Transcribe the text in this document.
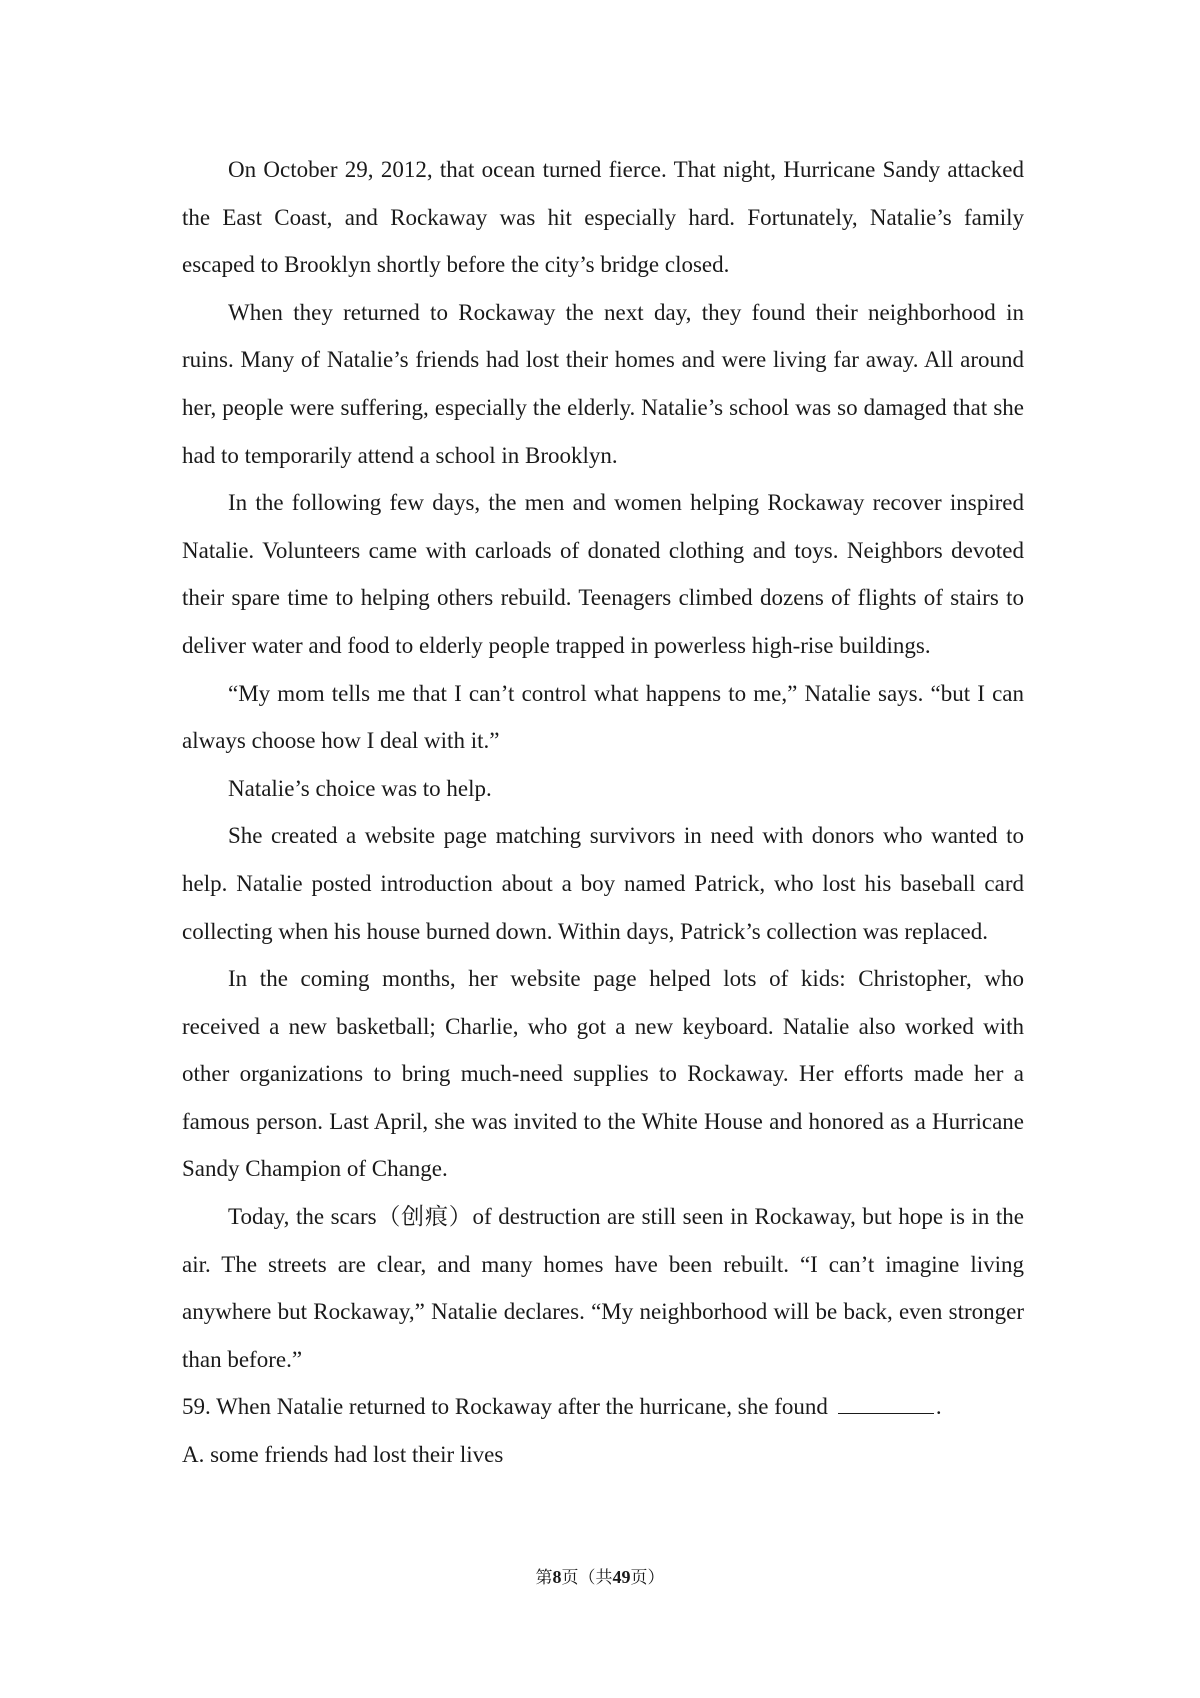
On October 29, 2012, that ocean turned fierce. That night, Hurricane Sandy attacked the East Coast, and Rockaway was hit especially hard. Fortunately, Natalie’s family escaped to Brooklyn shortly before the city’s bridge closed.

When they returned to Rockaway the next day, they found their neighborhood in ruins. Many of Natalie’s friends had lost their homes and were living far away. All around her, people were suffering, especially the elderly. Natalie’s school was so damaged that she had to temporarily attend a school in Brooklyn.

In the following few days, the men and women helping Rockaway recover inspired Natalie. Volunteers came with carloads of donated clothing and toys. Neighbors devoted their spare time to helping others rebuild. Teenagers climbed dozens of flights of stairs to deliver water and food to elderly people trapped in powerless high-rise buildings.

“My mom tells me that I can’t control what happens to me,” Natalie says. “but I can always choose how I deal with it.”

Natalie’s choice was to help.

She created a website page matching survivors in need with donors who wanted to help. Natalie posted introduction about a boy named Patrick, who lost his baseball card collecting when his house burned down. Within days, Patrick’s collection was replaced.

In the coming months, her website page helped lots of kids: Christopher, who received a new basketball; Charlie, who got a new keyboard. Natalie also worked with other organizations to bring much-need supplies to Rockaway. Her efforts made her a famous person. Last April, she was invited to the White House and honored as a Hurricane Sandy Champion of Change.

Today, the scars（创痕）of destruction are still seen in Rockaway, but hope is in the air. The streets are clear, and many homes have been rebuilt. “I can’t imagine living anywhere but Rockaway,” Natalie declares. “My neighborhood will be back, even stronger than before.”

59. When Natalie returned to Rockaway after the hurricane, she found	.

A. some friends had lost their lives

第8页（共49页）
